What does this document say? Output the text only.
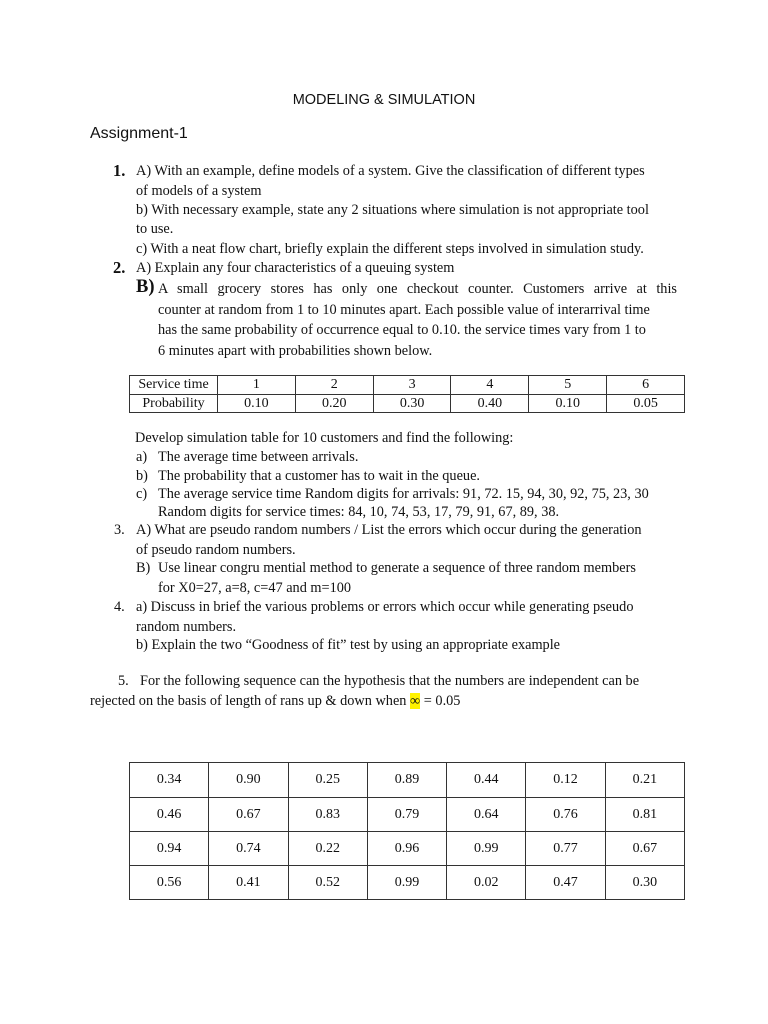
MODELING & SIMULATION
Assignment-1
1. A) With an example, define models of a system. Give the classification of different types
of models of a system
b) With necessary example, state any 2 situations where simulation is not appropriate tool
to use.
c) With a neat flow chart, briefly explain the different steps involved in simulation study.
2. A) Explain any four characteristics of a queuing system
B) A small grocery stores has only one checkout counter. Customers arrive at this
counter at random from 1 to 10 minutes apart. Each possible value of interarrival time
has the same probability of occurrence equal to 0.10. the service times vary from 1 to
6 minutes apart with probabilities shown below.
Service time	1	2	3	4	5	6
Probability	0.10	0.20	0.30	0.40	0.10	0.05
Develop simulation table for 10 customers and find the following:
a) The average time between arrivals.
b) The probability that a customer has to wait in the queue.
c) The average service time Random digits for arrivals: 91, 72. 15, 94, 30, 92, 75, 23, 30
Random digits for service times: 84, 10, 74, 53, 17, 79, 91, 67, 89, 38.
3. A) What are pseudo random numbers / List the errors which occur during the generation
of pseudo random numbers.
B) Use linear congru mential method to generate a sequence of three random members
for X0=27, a=8, c=47 and m=100
4. a) Discuss in brief the various problems or errors which occur while generating pseudo
random numbers.
b) Explain the two “Goodness of fit” test by using an appropriate example
5. For the following sequence can the hypothesis that the numbers are independent can be
rejected on the basis of length of rans up & down when ∞ = 0.05
0.34	0.90	0.25	0.89	0.44	0.12	0.21
0.46	0.67	0.83	0.79	0.64	0.76	0.81
0.94	0.74	0.22	0.96	0.99	0.77	0.67
0.56	0.41	0.52	0.99	0.02	0.47	0.30
